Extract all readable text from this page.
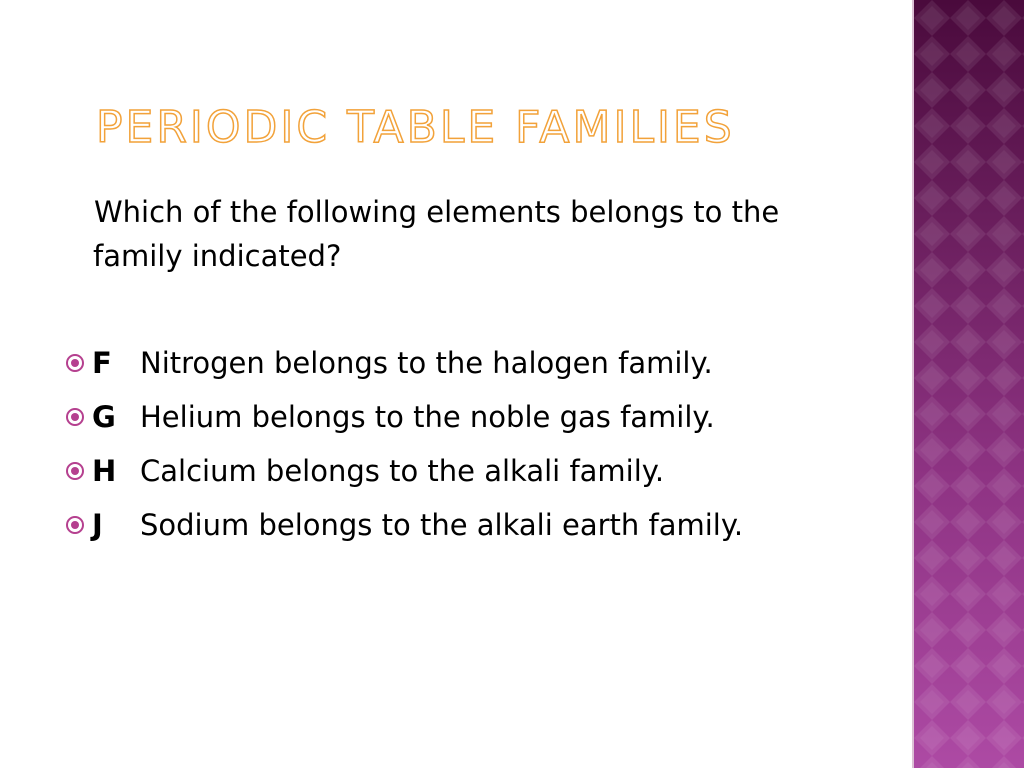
PERIODIC TABLE FAMILIES

Which of the following elements belongs to the family indicated?

F Nitrogen belongs to the halogen family.
G Helium belongs to the noble gas family.
H Calcium belongs to the alkali family.
J	Sodium belongs to the alkali earth family.
